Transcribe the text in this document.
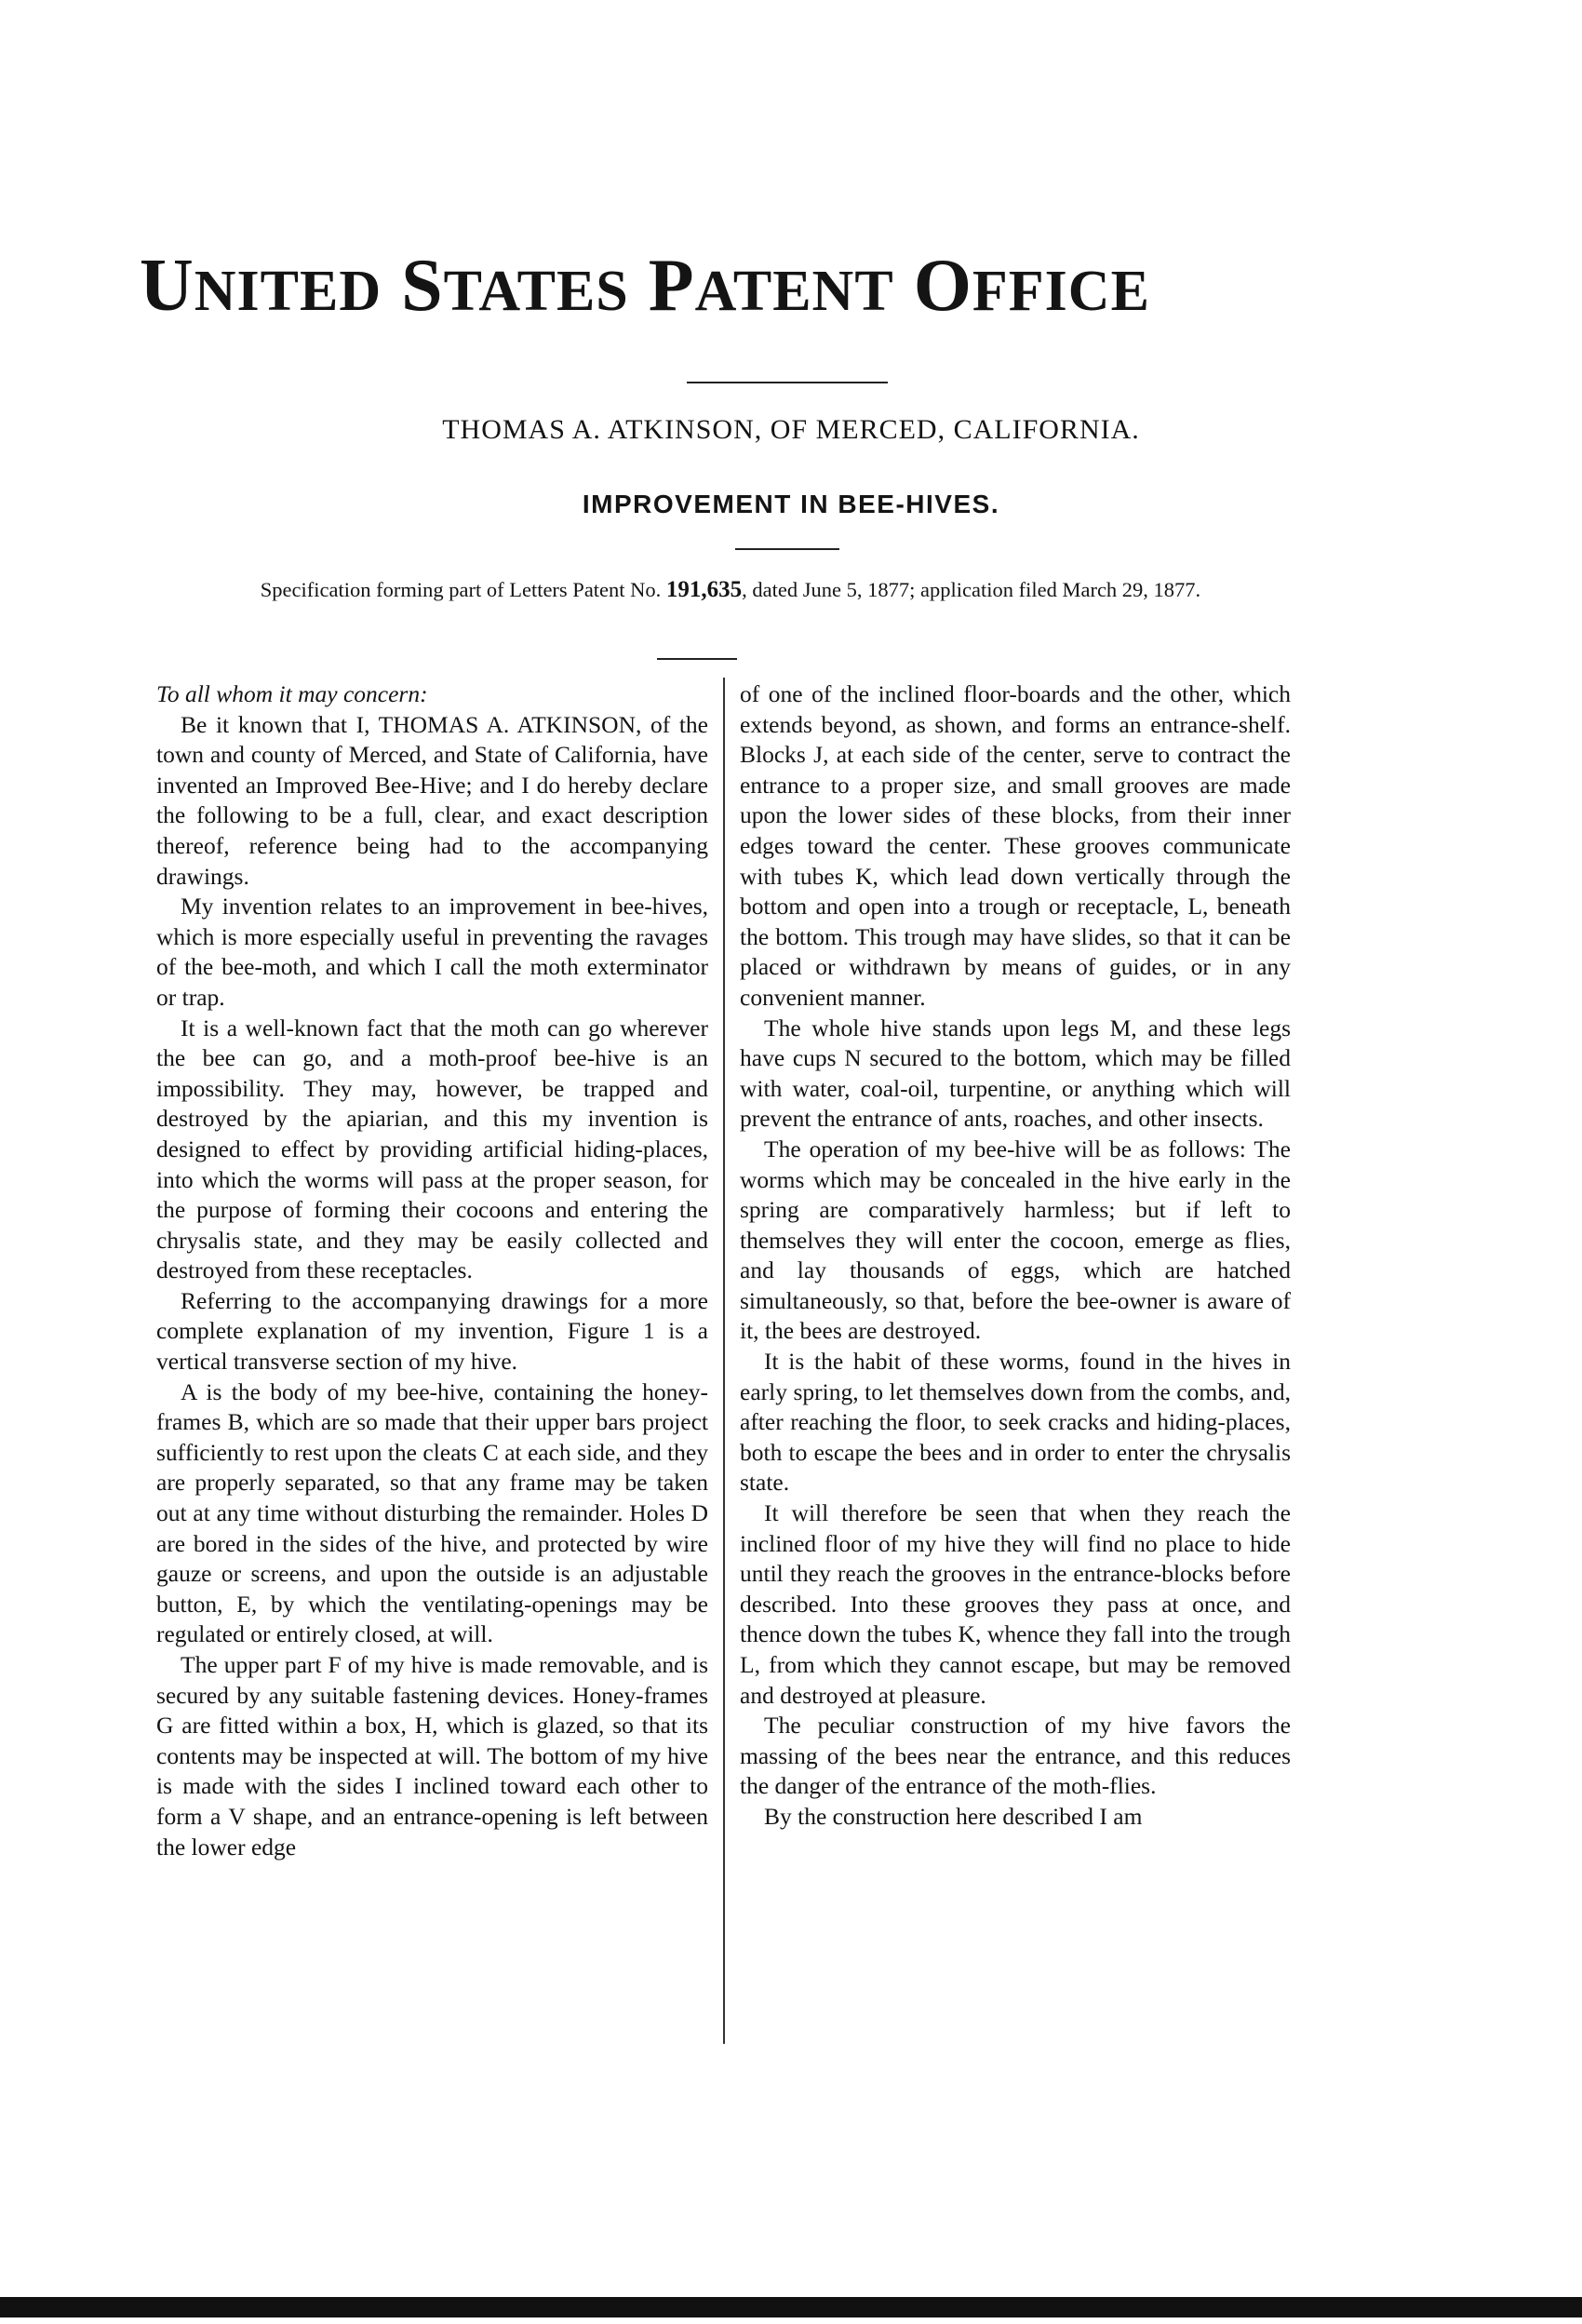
UNITED STATES PATENT OFFICE
THOMAS A. ATKINSON, OF MERCED, CALIFORNIA.
IMPROVEMENT IN BEE-HIVES.
Specification forming part of Letters Patent No. 191,635, dated June 5, 1877; application filed March 29, 1877.

To all whom it may concern:

Be it known that I, THOMAS A. ATKINSON, of the town and county of Merced, and State of California, have invented an Improved Bee-Hive; and I do hereby declare the following to be a full, clear, and exact description thereof, reference being had to the accompanying drawings.

My invention relates to an improvement in bee-hives, which is more especially useful in preventing the ravages of the bee-moth, and which I call the moth exterminator or trap.

It is a well-known fact that the moth can go wherever the bee can go, and a moth-proof bee-hive is an impossibility. They may, however, be trapped and destroyed by the apiarian, and this my invention is designed to effect by providing artificial hiding-places, into which the worms will pass at the proper season, for the purpose of forming their cocoons and entering the chrysalis state, and they may be easily collected and destroyed from these receptacles.

Referring to the accompanying drawings for a more complete explanation of my invention, Figure 1 is a vertical transverse section of my hive.

A is the body of my bee-hive, containing the honey-frames B, which are so made that their upper bars project sufficiently to rest upon the cleats C at each side, and they are properly separated, so that any frame may be taken out at any time without disturbing the remainder. Holes D are bored in the sides of the hive, and protected by wire gauze or screens, and upon the outside is an adjustable button, E, by which the ventilating-openings may be regulated or entirely closed, at will.

The upper part F of my hive is made removable, and is secured by any suitable fastening devices. Honey-frames G are fitted within a box, H, which is glazed, so that its contents may be inspected at will. The bottom of my hive is made with the sides I inclined toward each other to form a V shape, and an entrance-opening is left between the lower edge

of one of the inclined floor-boards and the other, which extends beyond, as shown, and forms an entrance-shelf. Blocks J, at each side of the center, serve to contract the entrance to a proper size, and small grooves are made upon the lower sides of these blocks, from their inner edges toward the center. These grooves communicate with tubes K, which lead down vertically through the bottom and open into a trough or receptacle, L, beneath the bottom. This trough may have slides, so that it can be placed or withdrawn by means of guides, or in any convenient manner.

The whole hive stands upon legs M, and these legs have cups N secured to the bottom, which may be filled with water, coal-oil, turpentine, or anything which will prevent the entrance of ants, roaches, and other insects.

The operation of my bee-hive will be as follows: The worms which may be concealed in the hive early in the spring are comparatively harmless; but if left to themselves they will enter the cocoon, emerge as flies, and lay thousands of eggs, which are hatched simultaneously, so that, before the bee-owner is aware of it, the bees are destroyed.

It is the habit of these worms, found in the hives in early spring, to let themselves down from the combs, and, after reaching the floor, to seek cracks and hiding-places, both to escape the bees and in order to enter the chrysalis state.

It will therefore be seen that when they reach the inclined floor of my hive they will find no place to hide until they reach the grooves in the entrance-blocks before described. Into these grooves they pass at once, and thence down the tubes K, whence they fall into the trough L, from which they cannot escape, but may be removed and destroyed at pleasure.

The peculiar construction of my hive favors the massing of the bees near the entrance, and this reduces the danger of the entrance of the moth-flies.

By the construction here described I am
